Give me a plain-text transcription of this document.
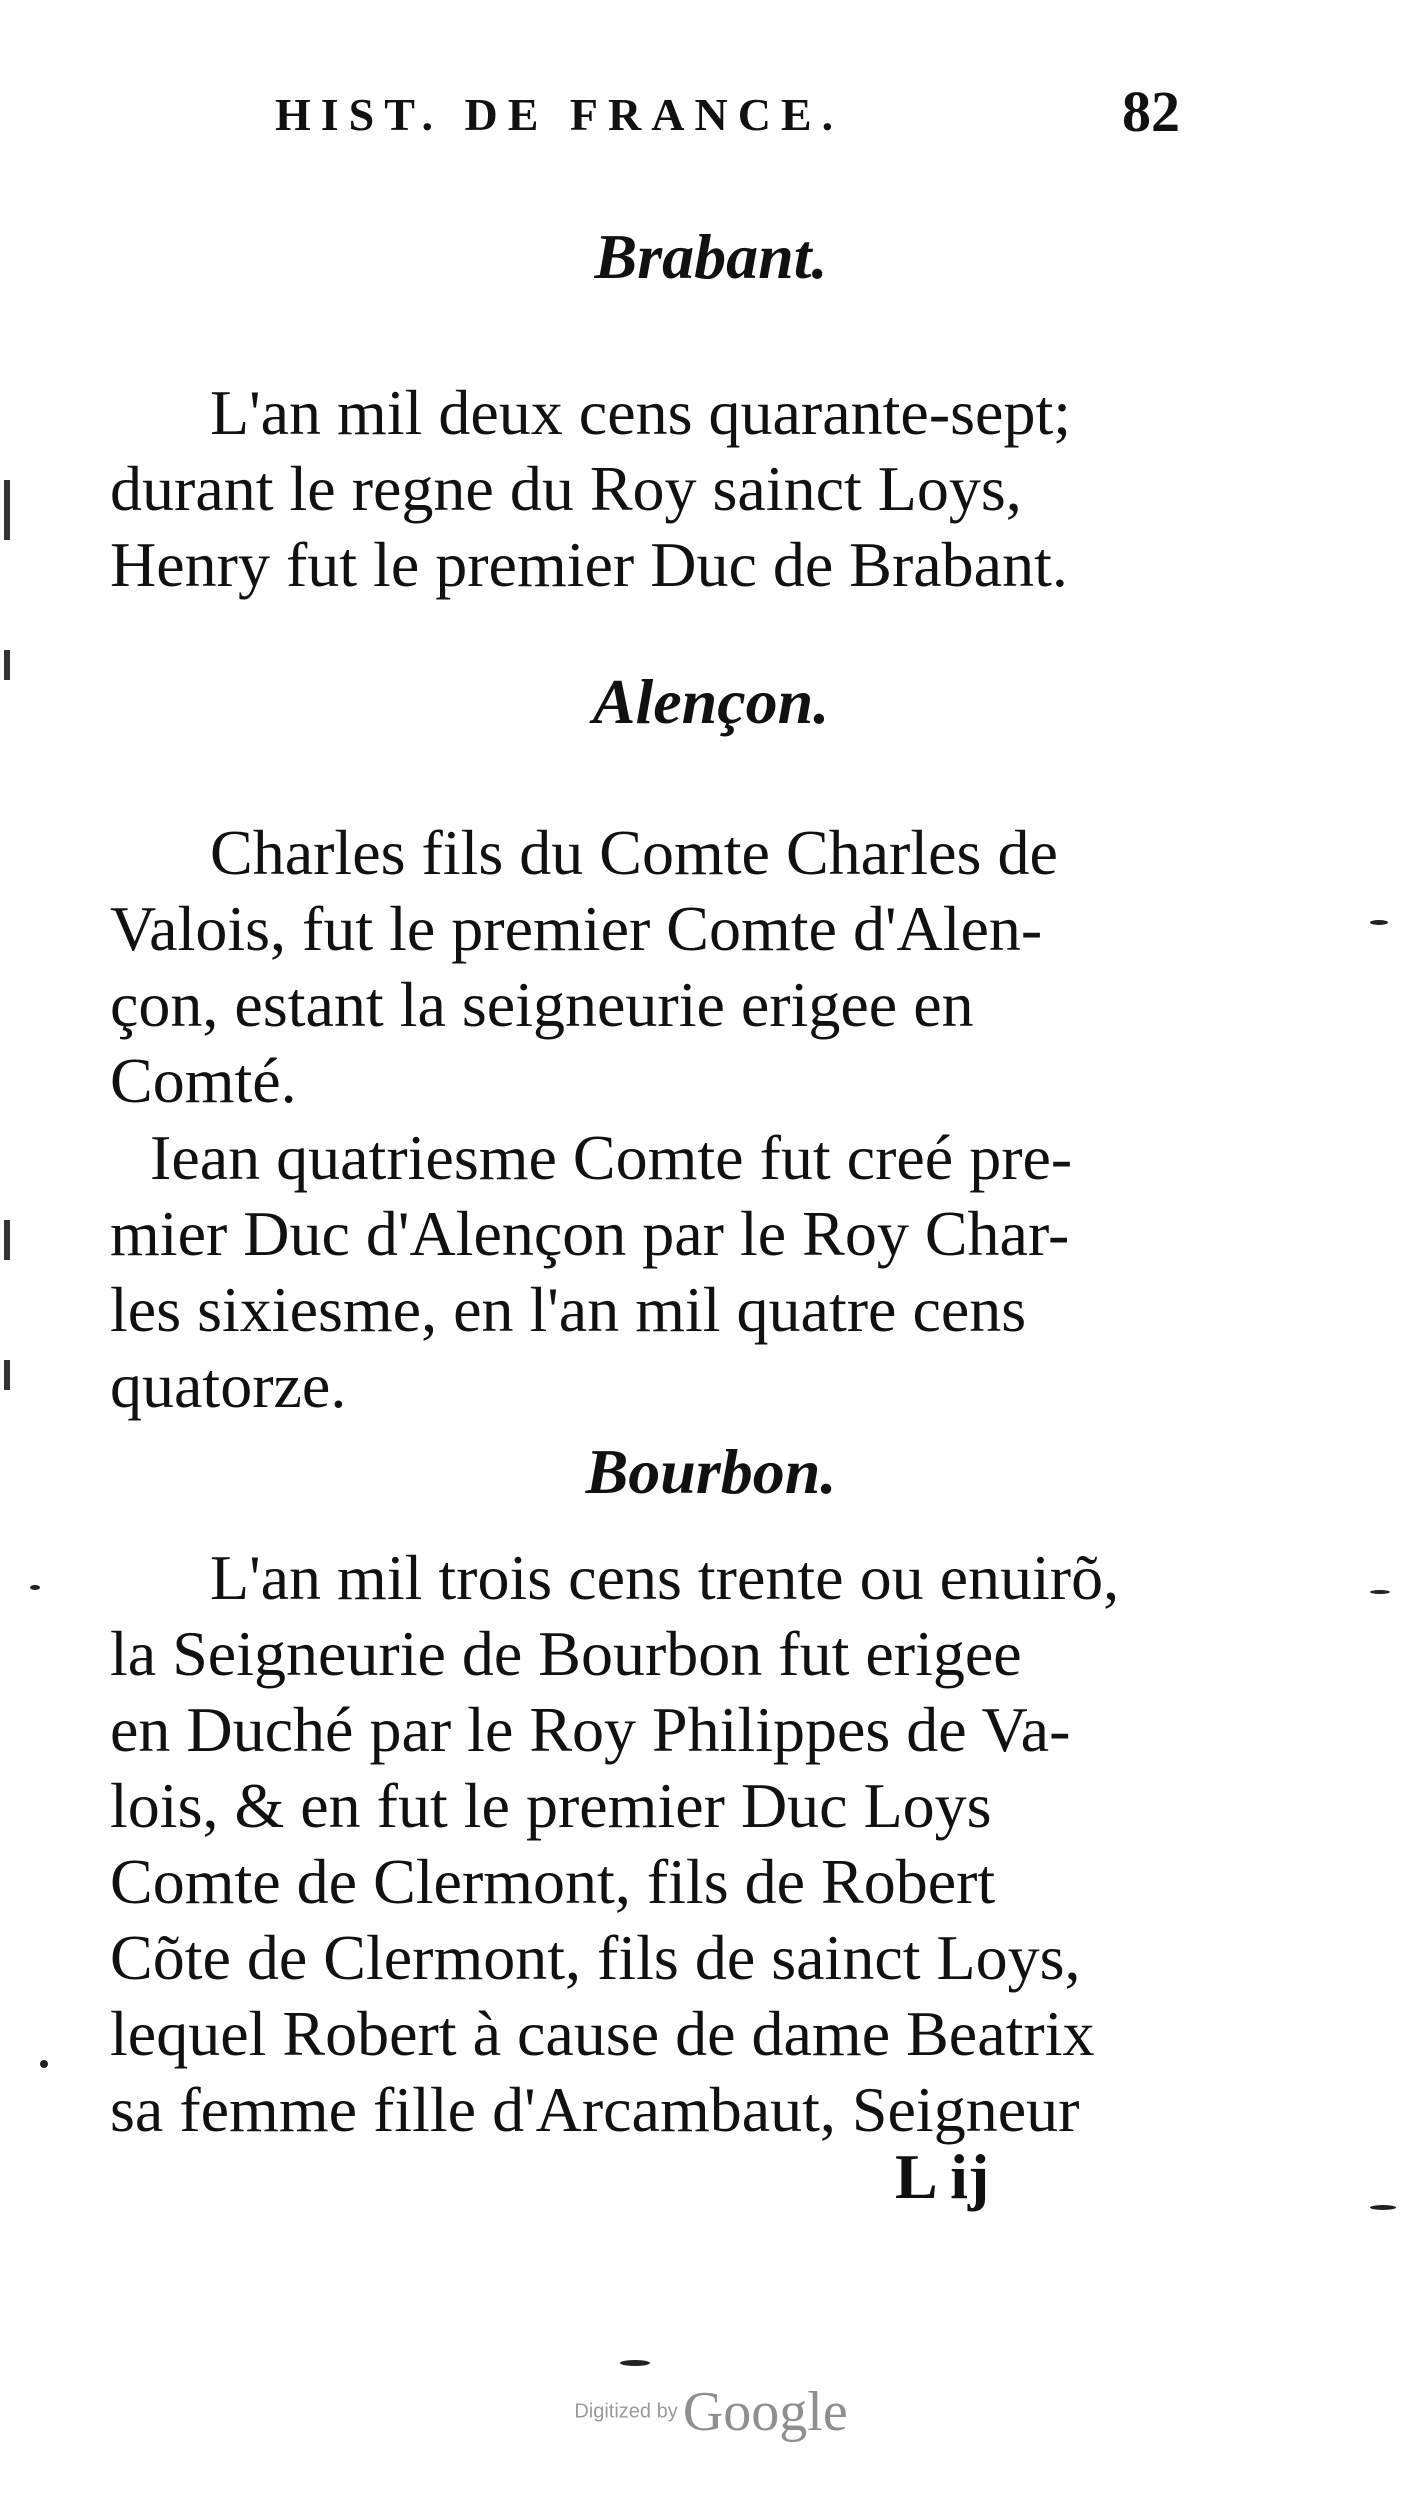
HIST. DE FRANCE.	82
Brabant.
L'an mil deux cens quarante-sept;
durant le regne du Roy sainct Loys,
Henry fut le premier Duc de Brabant.
Alençon.
Charles fils du Comte Charles de
Valois, fut le premier Comte d'Alen-
çon, estant la seigneurie erigee en
Comté.
Iean quatriesme Comte fut creé pre-
mier Duc d'Alençon par le Roy Char-
les sixiesme, en l'an mil quatre cens
quatorze.
Bourbon.
L'an mil trois cens trente ou enuirõ,
la Seigneurie de Bourbon fut erigee
en Duché par le Roy Philippes de Va-
lois, & en fut le premier Duc Loys
Comte de Clermont, fils de Robert
Cõte de Clermont, fils de sainct Loys,
lequel Robert à cause de dame Beatrix
sa femme fille d'Arcambaut, Seigneur
L ij
Digitized by Google
